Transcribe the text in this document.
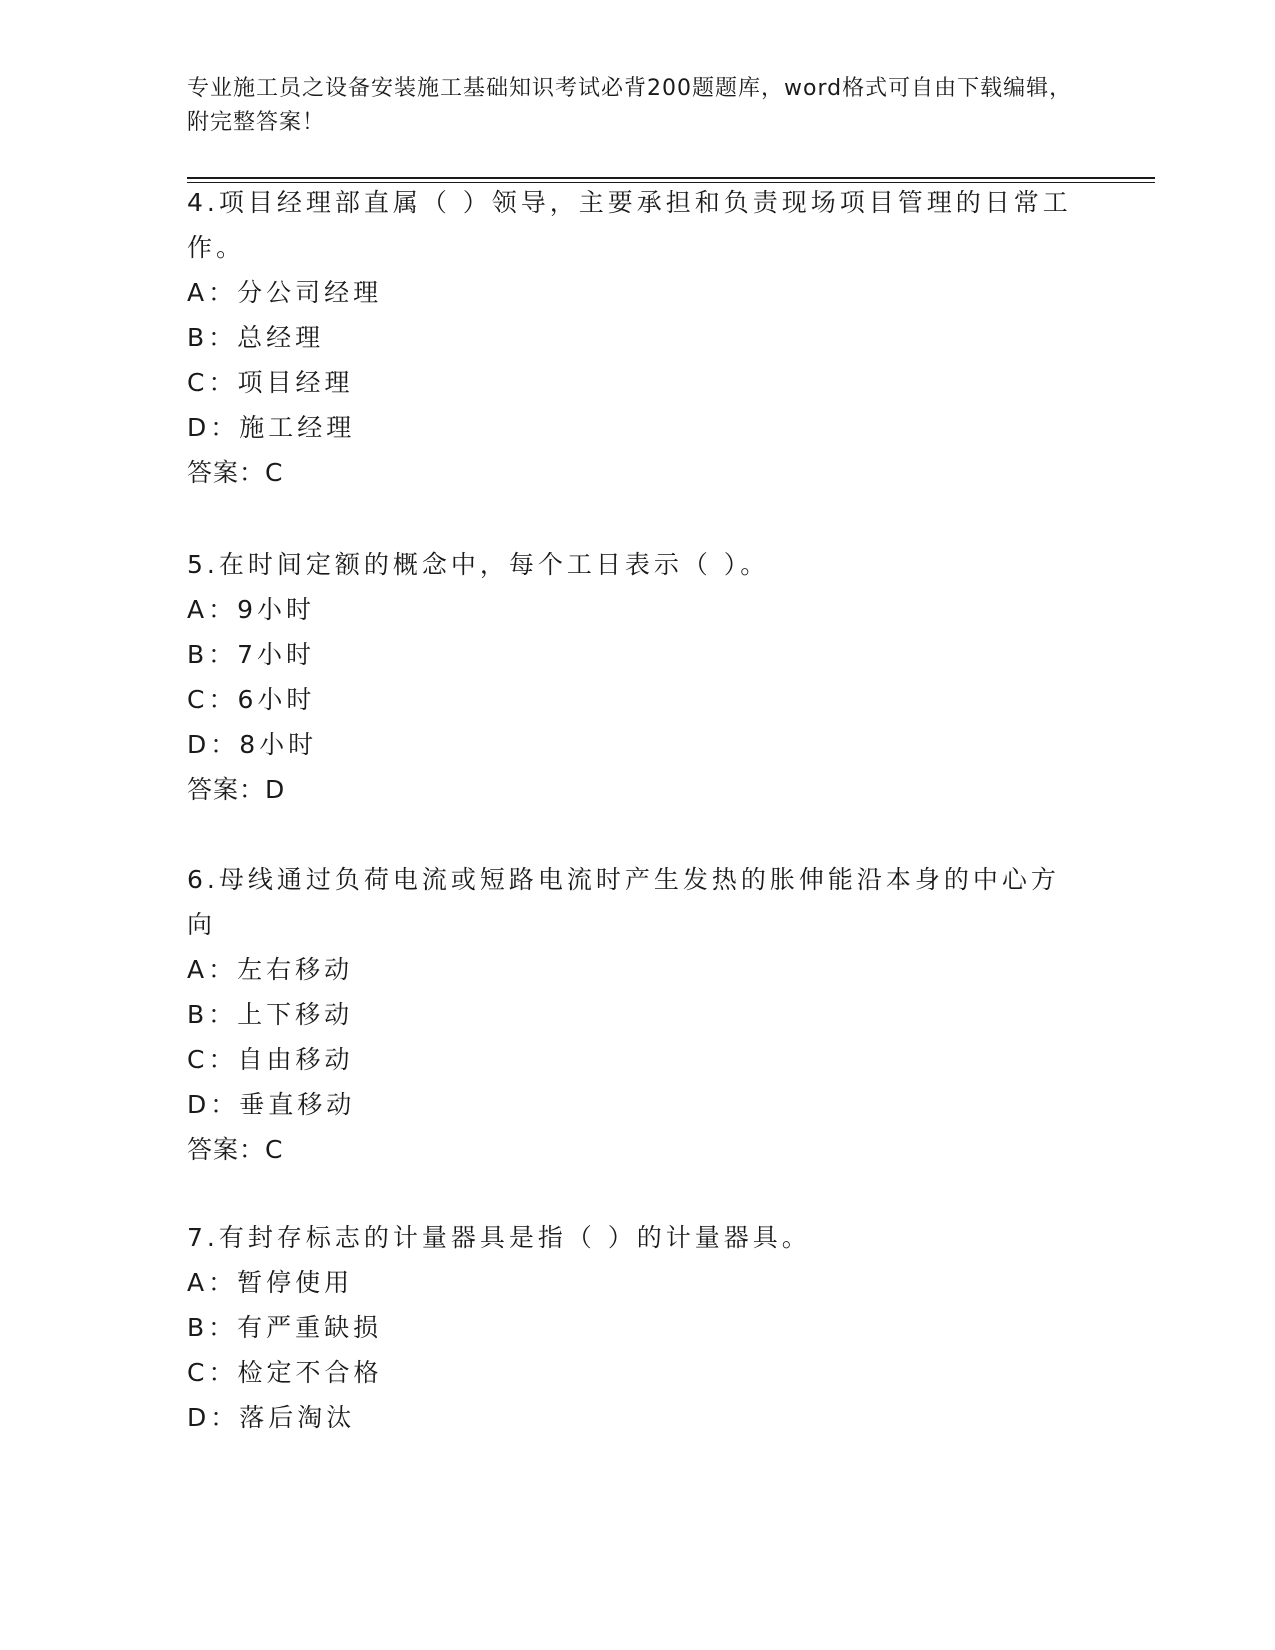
专业施工员之设备安装施工基础知识考试必背200题题库，word格式可自由下载编辑，附完整答案！

4.项目经理部直属（ ）领导，主要承担和负责现场项目管理的日常工作。

A：分公司经理

B：总经理

C：项目经理

D：施工经理

答案：C

5.在时间定额的概念中，每个工日表示（ ）。

A：9小时

B：7小时

C：6小时

D：8小时

答案：D

6.母线通过负荷电流或短路电流时产生发热的胀伸能沿本身的中心方向

A：左右移动

B：上下移动

C：自由移动

D：垂直移动

答案：C

7.有封存标志的计量器具是指（ ）的计量器具。

A：暂停使用

B：有严重缺损

C：检定不合格

D：落后淘汰
